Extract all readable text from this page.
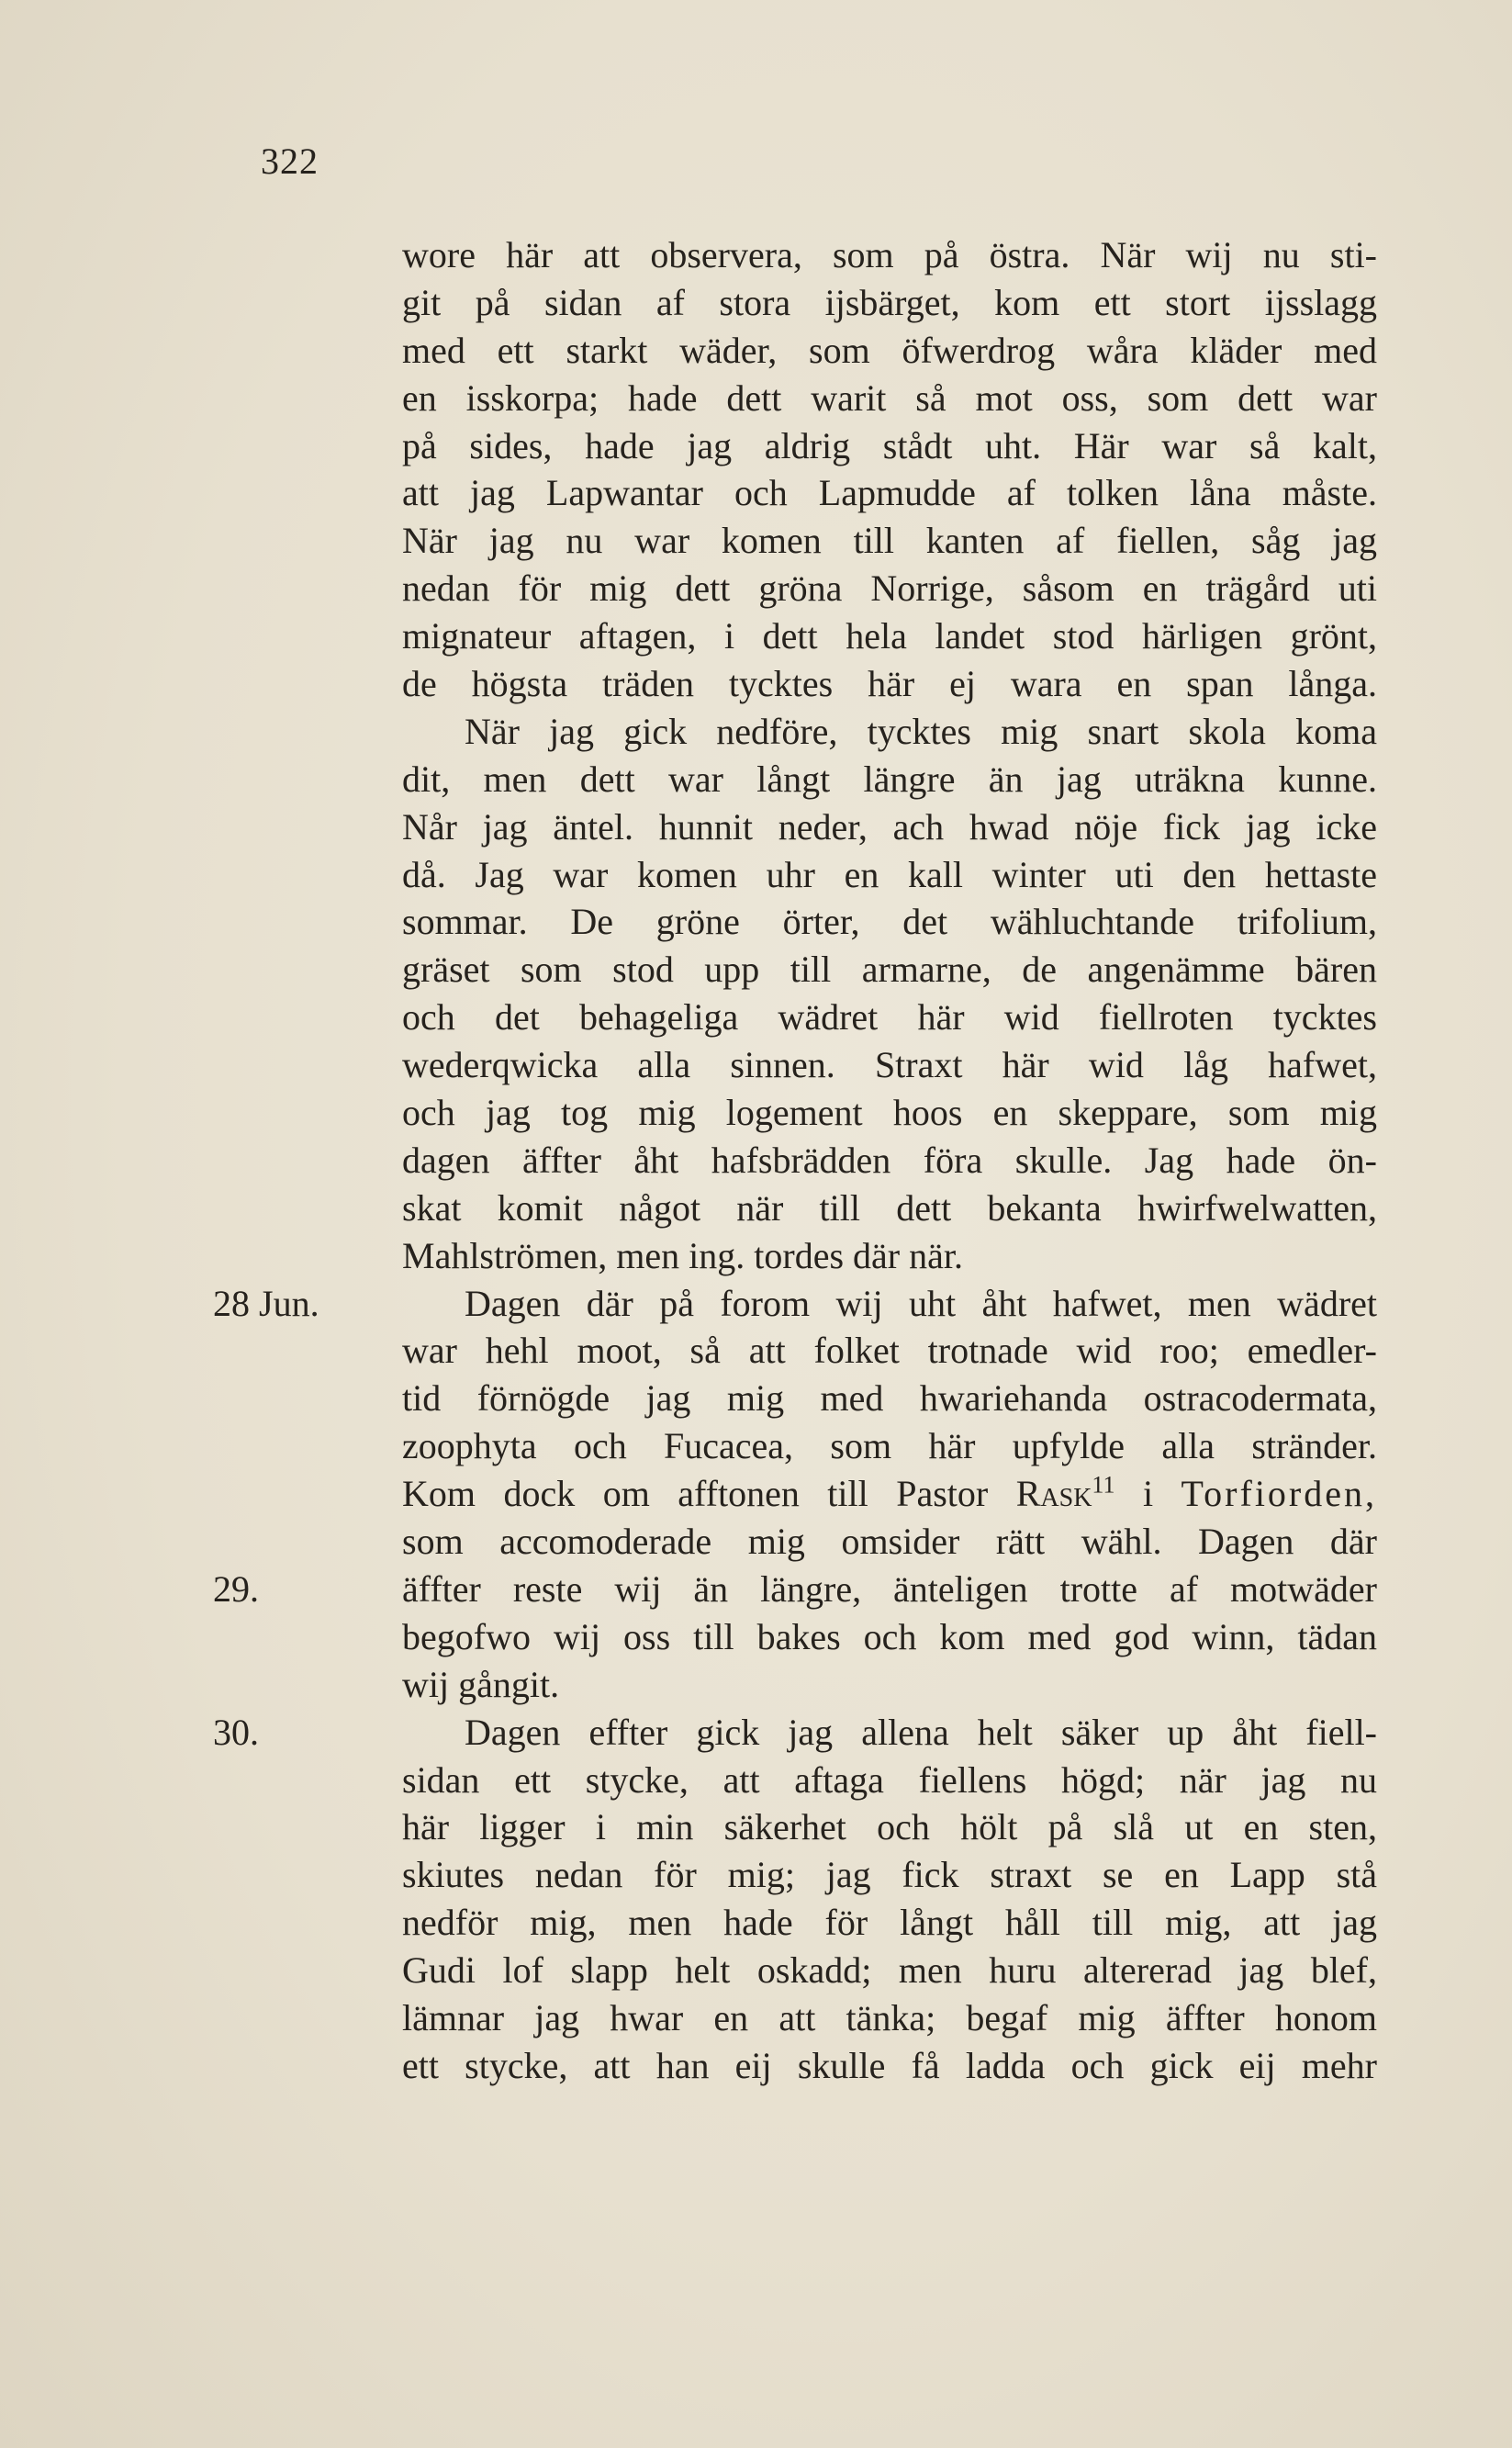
322
wore här att observera, som på östra. När wij nu sti-
git på sidan af stora ijsbärget, kom ett stort ijsslagg
med ett starkt wäder, som öfwerdrog wåra kläder med
en isskorpa; hade dett warit så mot oss, som dett war
på sides, hade jag aldrig stådt uht. Här war så kalt,
att jag Lapwantar och Lapmudde af tolken låna måste.
När jag nu war komen till kanten af fiellen, såg jag
nedan för mig dett gröna Norrige, såsom en trägård uti
mignateur aftagen, i dett hela landet stod härligen grönt,
de högsta träden tycktes här ej wara en span långa.
När jag gick nedföre, tycktes mig snart skola koma
dit, men dett war långt längre än jag uträkna kunne.
Når jag äntel. hunnit neder, ach hwad nöje fick jag icke
då. Jag war komen uhr en kall winter uti den hettaste
sommar. De gröne örter, det wähluchtande trifolium,
gräset som stod upp till armarne, de angenämme bären
och det behageliga wädret här wid fiellroten tycktes
wederqwicka alla sinnen. Straxt här wid låg hafwet,
och jag tog mig logement hoos en skeppare, som mig
dagen äffter åht hafsbrädden föra skulle. Jag hade ön-
skat komit något när till dett bekanta hwirfwelwatten,
Mahlströmen, men ing. tordes där när.
Dagen där på forom wij uht åht hafwet, men wädret
war hehl moot, så att folket trotnade wid roo; emedler-
tid förnögde jag mig med hwariehanda ostracodermata,
zoophyta och Fucacea, som här upfylde alla stränder.
Kom dock om afftonen till Pastor Rask$^{11}$ i Torfiorden,
som accomoderade mig omsider rätt wähl. Dagen där
äffter reste wij än längre, änteligen trotte af motwäder
begofwo wij oss till bakes och kom med god winn, tädan
wij gångit.
Dagen effter gick jag allena helt säker up åht fiell-
sidan ett stycke, att aftaga fiellens högd; när jag nu
här ligger i min säkerhet och hölt på slå ut en sten,
skiutes nedan för mig; jag fick straxt se en Lapp stå
nedför mig, men hade för långt håll till mig, att jag
Gudi lof slapp helt oskadd; men huru altererad jag blef,
lämnar jag hwar en att tänka; begaf mig äffter honom
ett stycke, att han eij skulle få ladda och gick eij mehr
28 Jun.
29.
30.
